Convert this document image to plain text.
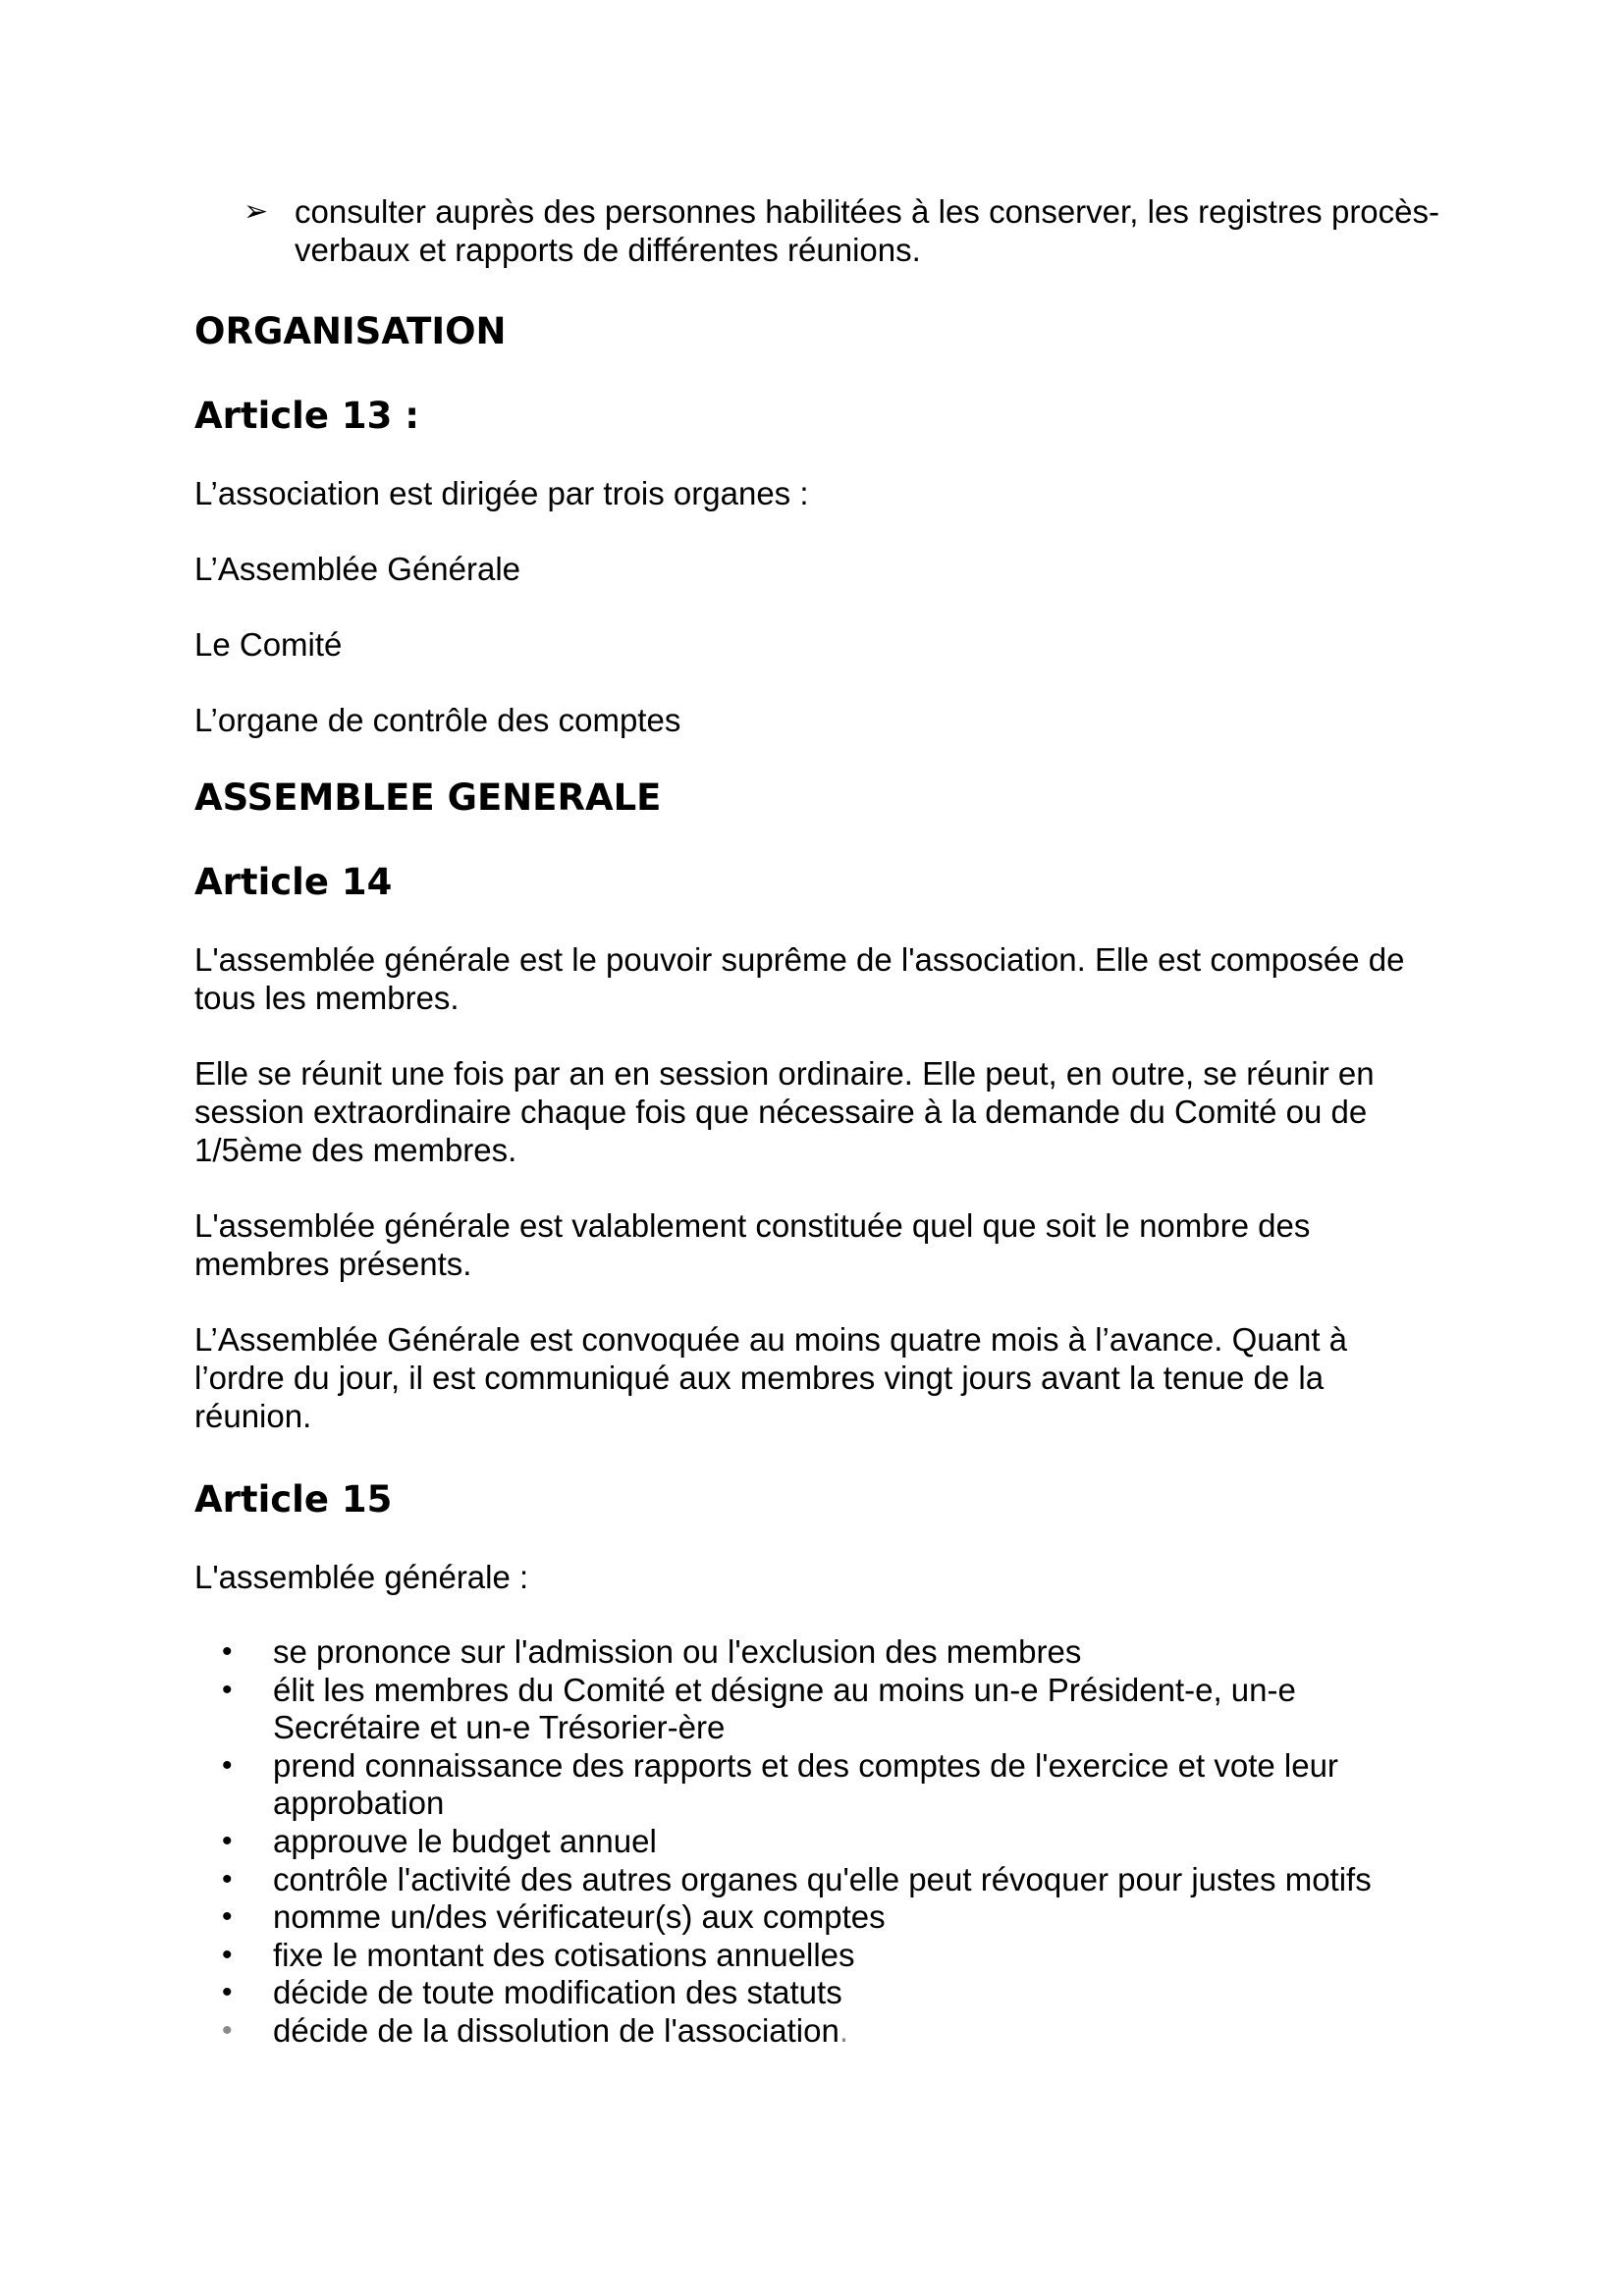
➢ consulter auprès des personnes habilitées à les conserver, les registres procès-verbaux et rapports de différentes réunions.

ORGANISATION
Article 13 :

L’association est dirigée par trois organes :

L’Assemblée Générale

Le Comité

L’organe de contrôle des comptes

ASSEMBLEE GENERALE
Article 14

L'assemblée générale est le pouvoir suprême de l'association. Elle est composée de tous les membres.

Elle se réunit une fois par an en session ordinaire. Elle peut, en outre, se réunir en session extraordinaire chaque fois que nécessaire à la demande du Comité ou de 1/5ème des membres.

L'assemblée générale est valablement constituée quel que soit le nombre des membres présents.

L’Assemblée Générale est convoquée au moins quatre mois à l’avance. Quant à l’ordre du jour, il est communiqué aux membres vingt jours avant la tenue de la réunion.

Article 15

L'assemblée générale :

• se prononce sur l'admission ou l'exclusion des membres
• élit les membres du Comité et désigne au moins un-e Président-e, un-e Secrétaire et un-e Trésorier-ère
• prend connaissance des rapports et des comptes de l'exercice et vote leur approbation
• approuve le budget annuel
• contrôle l'activité des autres organes qu'elle peut révoquer pour justes motifs
• nomme un/des vérificateur(s) aux comptes
• fixe le montant des cotisations annuelles
• décide de toute modification des statuts
• décide de la dissolution de l'association.
